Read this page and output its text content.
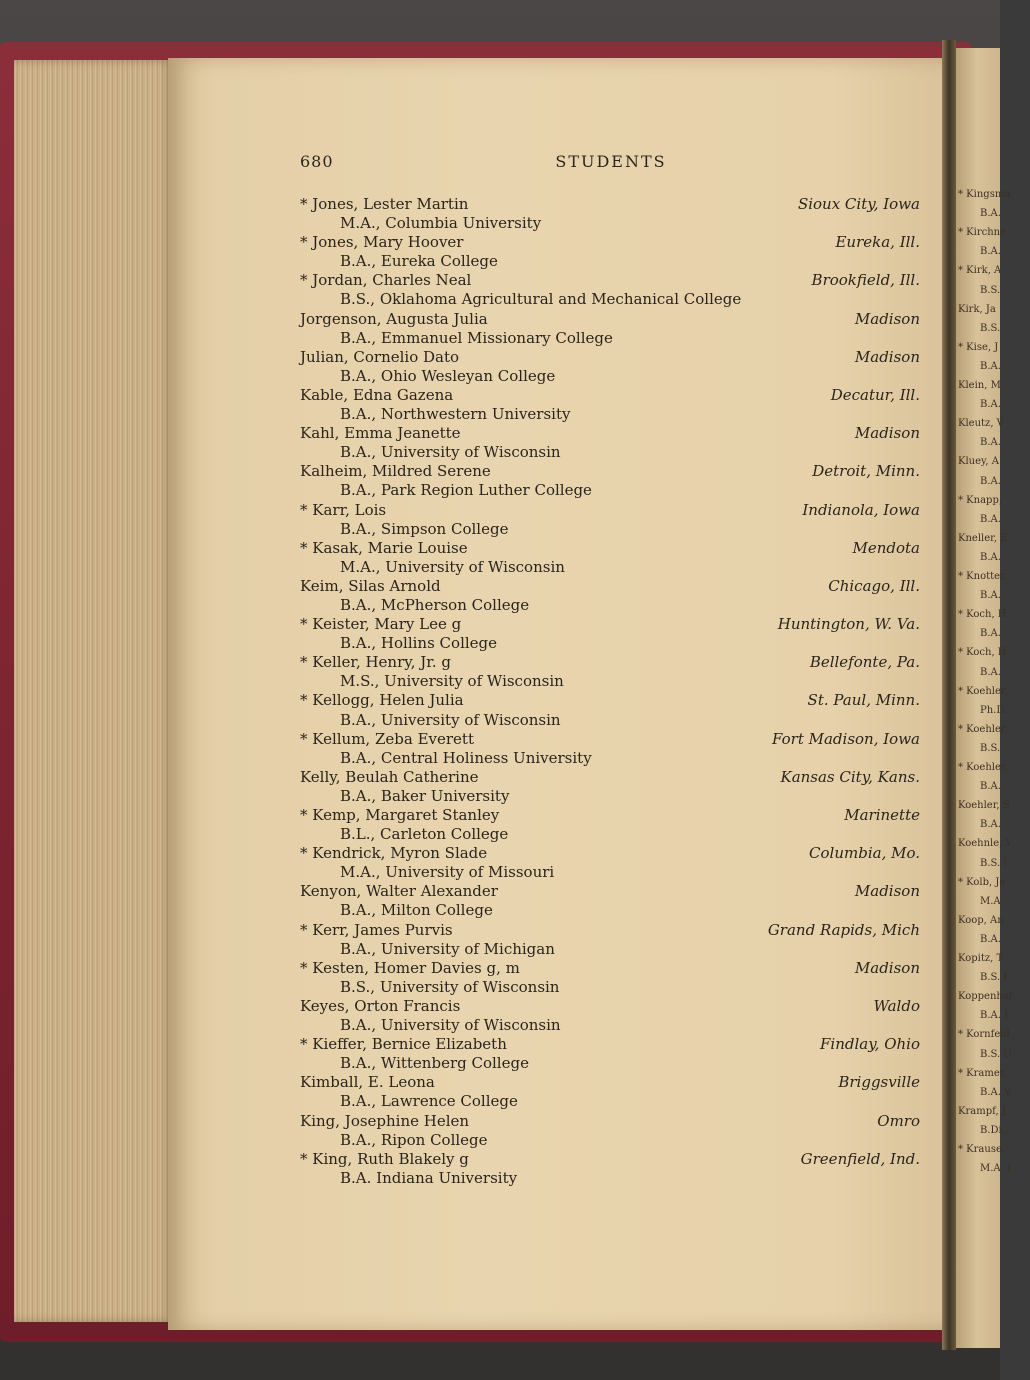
* Kingsma
B.A.
* Kirchne
B.A.
* Kirk, A
B.S.
Kirk, Ja
B.S.
* Kise, J
B.A.
Klein, M
B.A.
Kleutz, V
B.A.
Kluey, A
B.A.
* Knapp,
B.A.
Kneller, E
B.A.
* Knotter,
B.A.
* Koch, H
B.A.
* Koch, H
B.A.
* Koehler,
Ph.D.
* Koehler,
B.S.
* Koehler,
B.A.
Koehler, S
B.A.
Koehnle, Y
B.S. I
* Kolb, Je
M.A.
Koop, An
B.A.
Kopitz, T
B.S. I
Koppenhaf
B.A. I
* Kornfeld
B.S. U
* Kramer,
B.A. V
Krampf, J
B.Di.
* Krause,
M.A. I
680	STUDENTS
* Jones, Lester Martin	Sioux City, Iowa
M.A., Columbia University
* Jones, Mary Hoover	Eureka, Ill.
B.A., Eureka College
* Jordan, Charles Neal	Brookfield, Ill.
B.S., Oklahoma Agricultural and Mechanical College
Jorgenson, Augusta Julia	Madison
B.A., Emmanuel Missionary College
Julian, Cornelio Dato	Madison
B.A., Ohio Wesleyan College
Kable, Edna Gazena	Decatur, Ill.
B.A., Northwestern University
Kahl, Emma Jeanette	Madison
B.A., University of Wisconsin
Kalheim, Mildred Serene	Detroit, Minn.
B.A., Park Region Luther College
* Karr, Lois	Indianola, Iowa
B.A., Simpson College
* Kasak, Marie Louise	Mendota
M.A., University of Wisconsin
Keim, Silas Arnold	Chicago, Ill.
B.A., McPherson College
* Keister, Mary Lee g	Huntington, W. Va.
B.A., Hollins College
* Keller, Henry, Jr. g	Bellefonte, Pa.
M.S., University of Wisconsin
* Kellogg, Helen Julia	St. Paul, Minn.
B.A., University of Wisconsin
* Kellum, Zeba Everett	Fort Madison, Iowa
B.A., Central Holiness University
Kelly, Beulah Catherine	Kansas City, Kans.
B.A., Baker University
* Kemp, Margaret Stanley	Marinette
B.L., Carleton College
* Kendrick, Myron Slade	Columbia, Mo.
M.A., University of Missouri
Kenyon, Walter Alexander	Madison
B.A., Milton College
* Kerr, James Purvis	Grand Rapids, Mich
B.A., University of Michigan
* Kesten, Homer Davies g, m	Madison
B.S., University of Wisconsin
Keyes, Orton Francis	Waldo
B.A., University of Wisconsin
* Kieffer, Bernice Elizabeth	Findlay, Ohio
B.A., Wittenberg College
Kimball, E. Leona	Briggsville
B.A., Lawrence College
King, Josephine Helen	Omro
B.A., Ripon College
* King, Ruth Blakely g	Greenfield, Ind.
B.A. Indiana University
